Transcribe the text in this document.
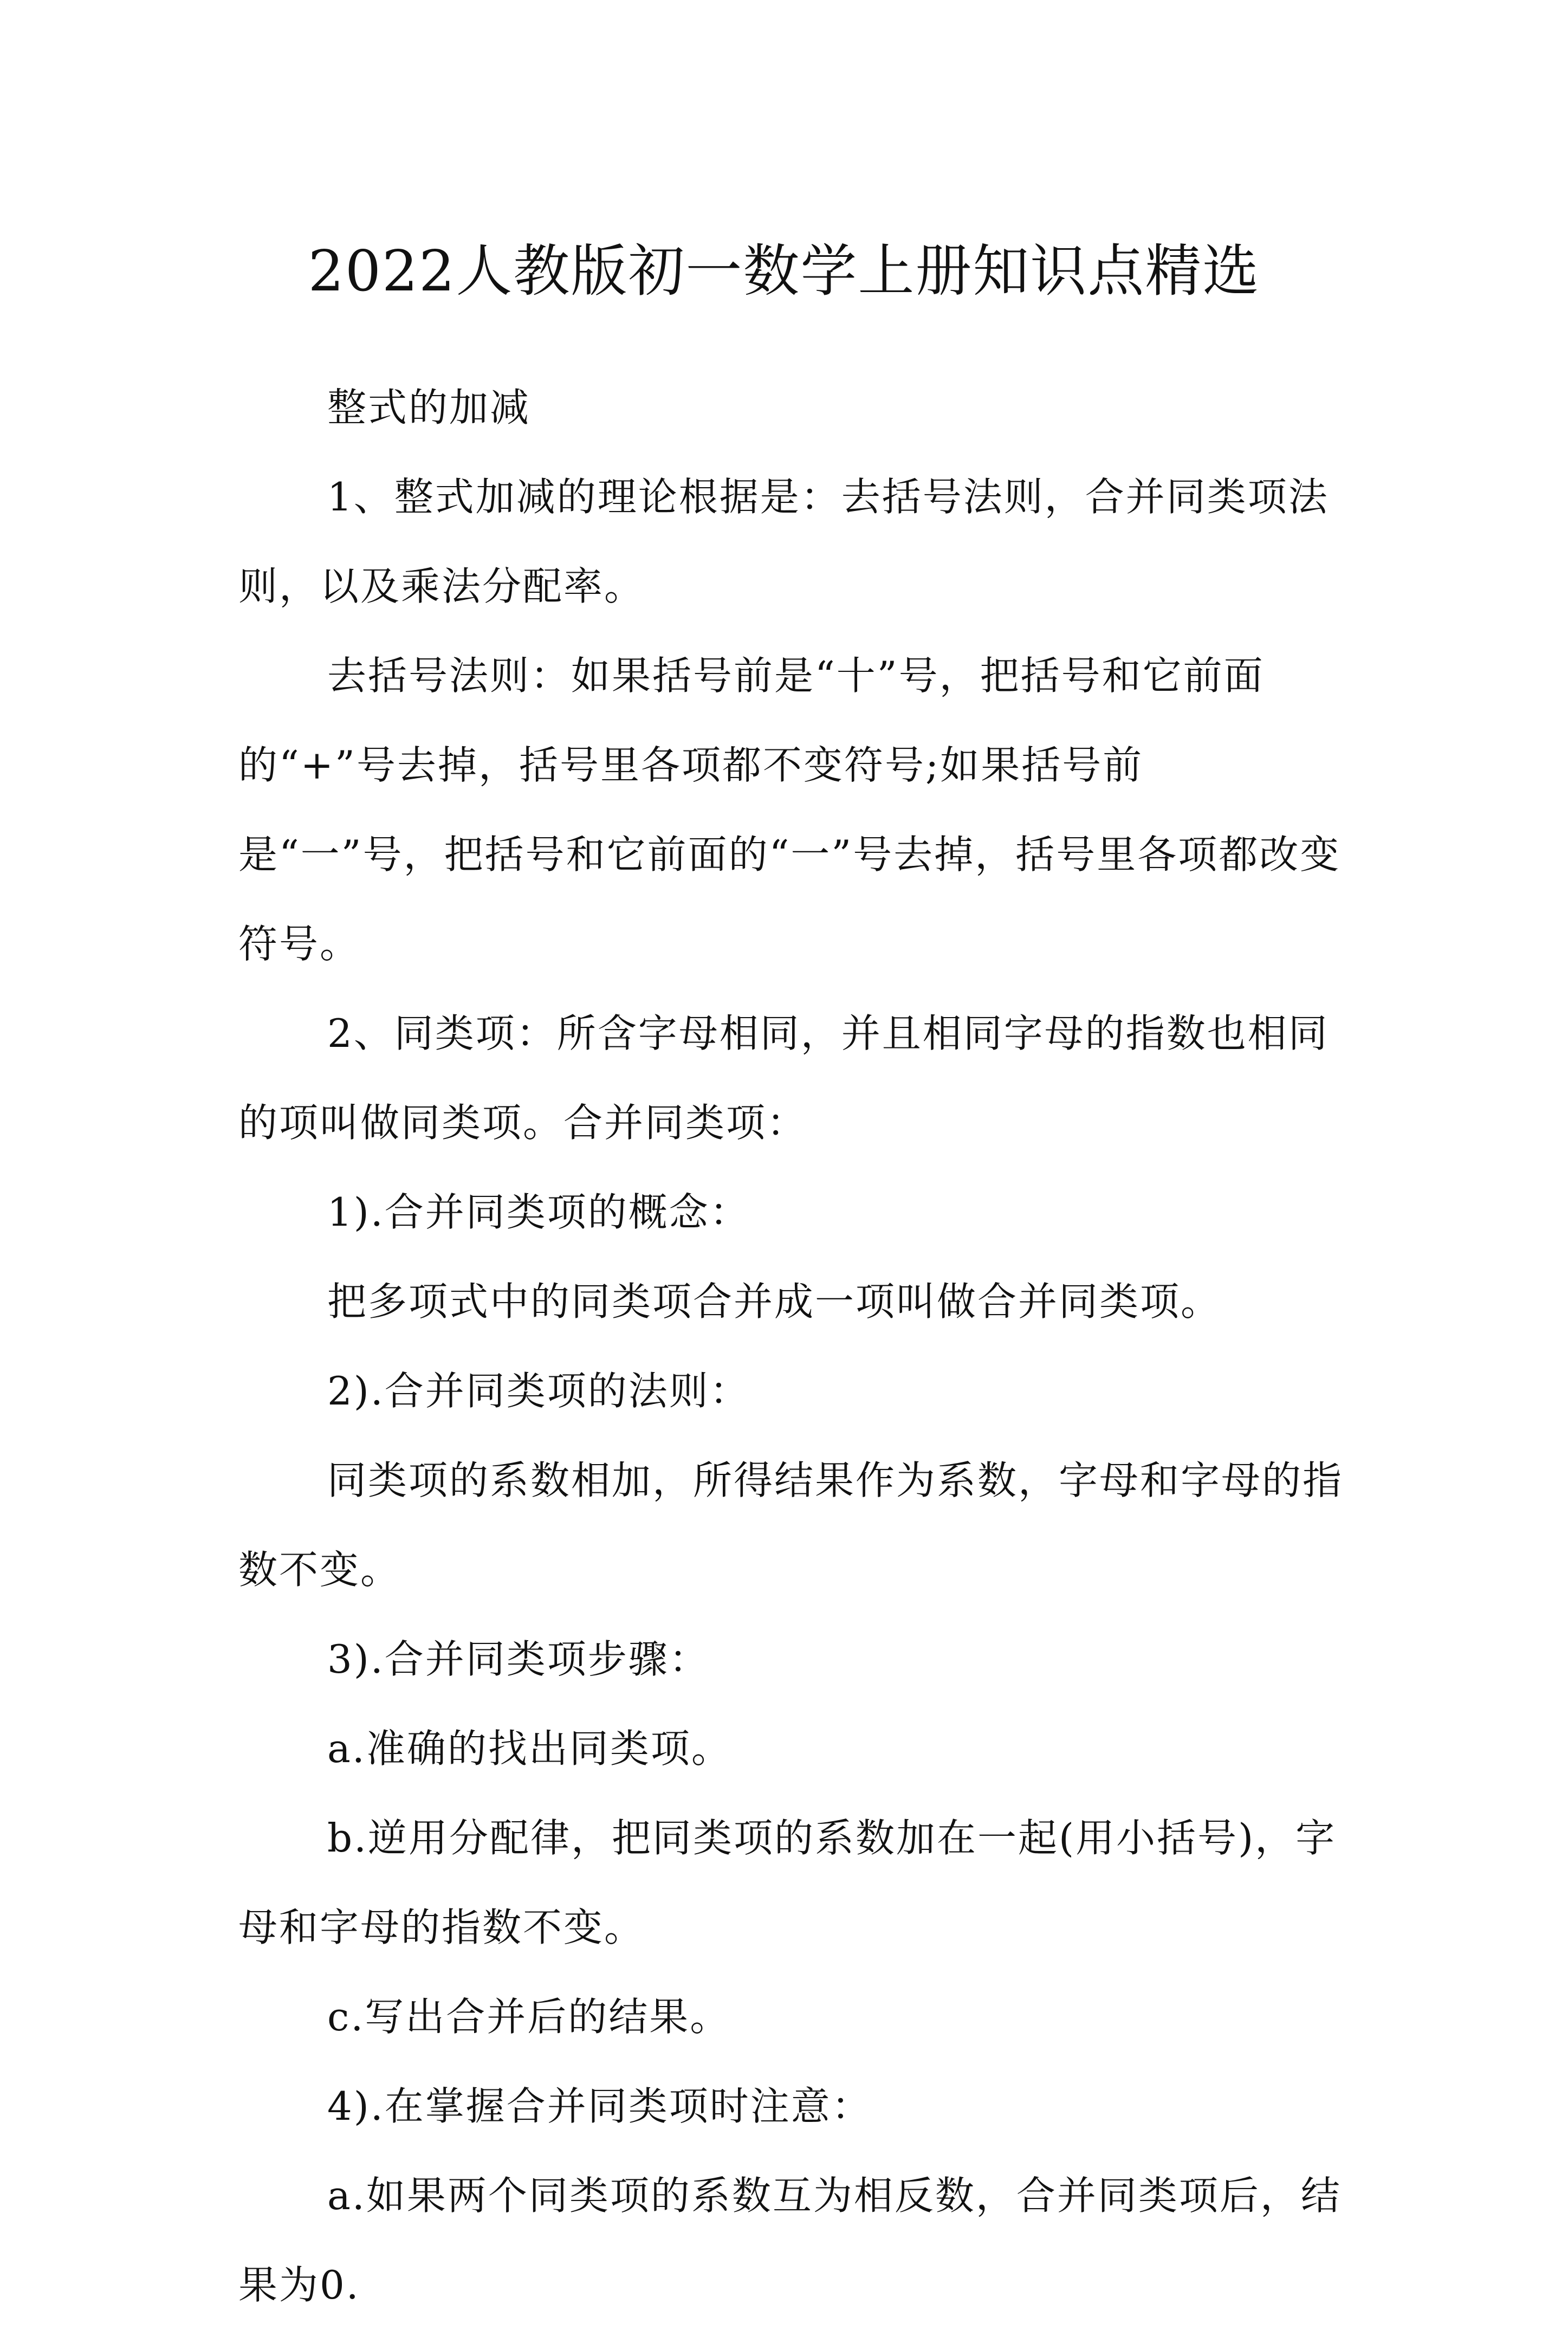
2022人教版初一数学上册知识点精选

整式的加减

1、整式加减的理论根据是：去括号法则，合并同类项法则，以及乘法分配率。

去括号法则：如果括号前是“十”号，把括号和它前面的“+”号去掉，括号里各项都不变符号;如果括号前是“一”号，把括号和它前面的“一”号去掉，括号里各项都改变符号。

2、同类项：所含字母相同，并且相同字母的指数也相同的项叫做同类项。合并同类项：

1).合并同类项的概念：

把多项式中的同类项合并成一项叫做合并同类项。

2).合并同类项的法则：

同类项的系数相加，所得结果作为系数，字母和字母的指数不变。

3).合并同类项步骤：

a.准确的找出同类项。

b.逆用分配律，把同类项的系数加在一起(用小括号)，字母和字母的指数不变。

c.写出合并后的结果。

4).在掌握合并同类项时注意：

a.如果两个同类项的系数互为相反数，合并同类项后，结果为0.
